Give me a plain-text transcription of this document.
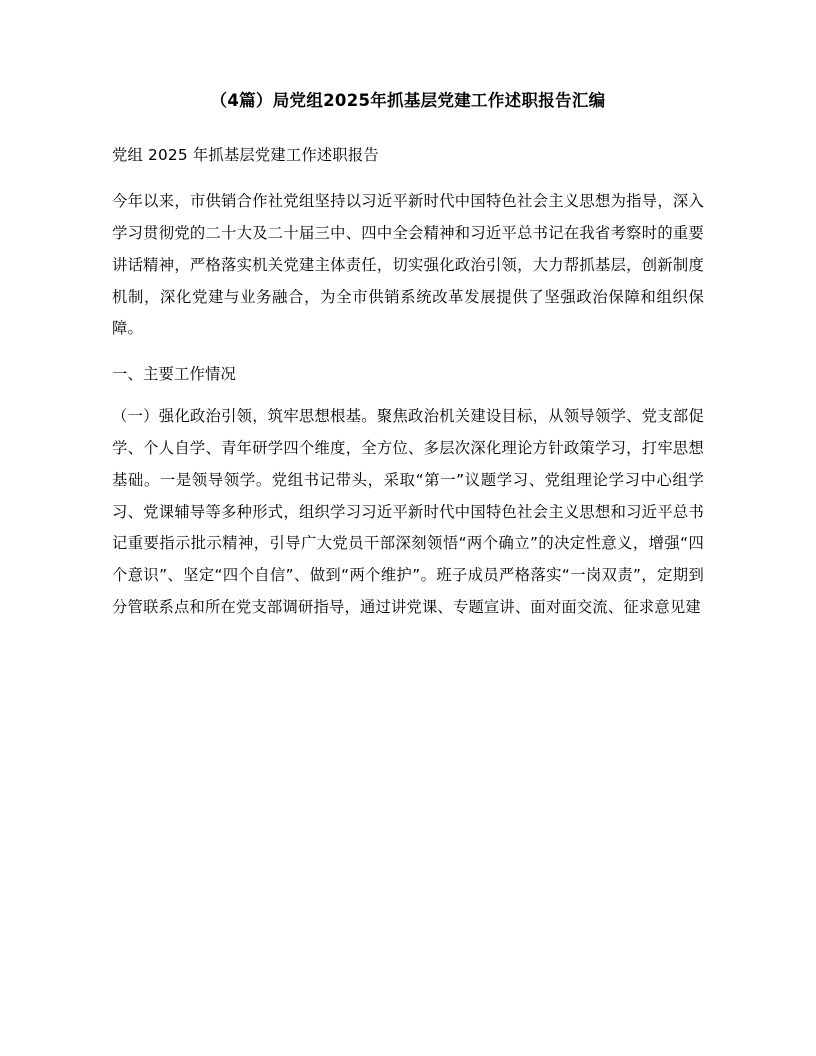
（4篇）局党组2025年抓基层党建工作述职报告汇编

党组 2025 年抓基层党建工作述职报告

今年以来，市供销合作社党组坚持以习近平新时代中国特色社会主义思想为指导，深入学习贯彻党的二十大及二十届三中、四中全会精神和习近平总书记在我省考察时的重要讲话精神，严格落实机关党建主体责任，切实强化政治引领，大力帮抓基层，创新制度机制，深化党建与业务融合，为全市供销系统改革发展提供了坚强政治保障和组织保障。

一、主要工作情况

（一）强化政治引领，筑牢思想根基。聚焦政治机关建设目标，从领导领学、党支部促学、个人自学、青年研学四个维度，全方位、多层次深化理论方针政策学习，打牢思想基础。一是领导领学。党组书记带头，采取“第一”议题学习、党组理论学习中心组学习、党课辅导等多种形式，组织学习习近平新时代中国特色社会主义思想和习近平总书记重要指示批示精神，引导广大党员干部深刻领悟“两个确立”的决定性意义，增强“四个意识”、坚定“四个自信”、做到“两个维护”。班子成员严格落实“一岗双责”，定期到分管联系点和所在党支部调研指导，通过讲党课、专题宣讲、面对面交流、征求意见建
